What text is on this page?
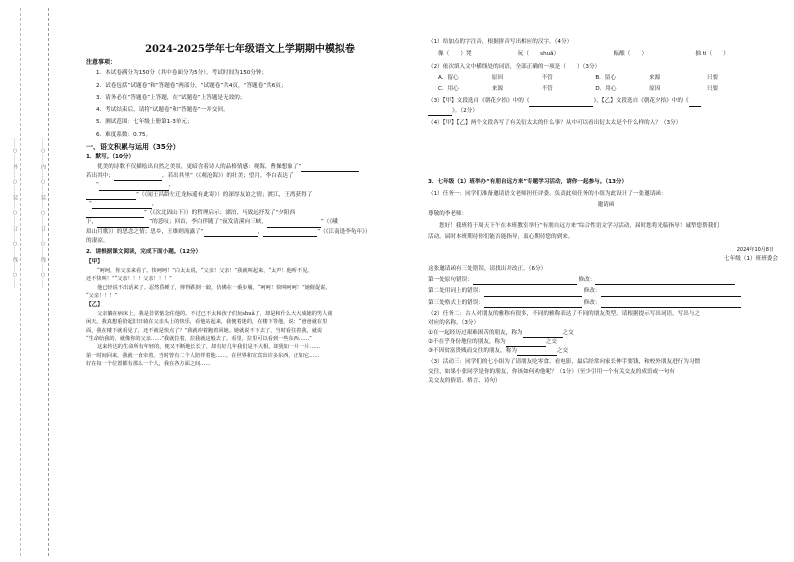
……○……外……○……装……○……订……○……线……○……	……○……内……○……装……○……订……○……线……○……
2024-2025学年七年级语文上学期期中模拟卷

注意事项：

1．本试卷满分为150分（其中卷面分为5分），考试时间为150分钟；

2．试卷包括“试题卷”和“答题卷”两部分，“试题卷”共4页，“答题卷”共6页；

3．请务必在“答题卷”上答题，在“试题卷”上答题是无效的；

4．考试结束后，请将“试题卷”和“答题卷”一并交回。

5．测试范围：七年级上册第1-3单元；

6．难度系数：0.75。

一、语文积累与运用（35分）

1．默写。（10分）

优美的诗歌不仅描绘出自然之美景，更暗含着诗人的品格情感：观海，曹操想象了“

若出其中；	，若出其里”（《观沧海》）的壮美；望月，李白表达了

“	，

”（《闻王昌龄左迁龙标遥有此寄》）的深厚友谊之情；渡江，王湾获得了

“	，

”（《次北固山下》）的哲理启示；漂泊，马致远抒发了“夕阳西

下，	”的悲叹；回首，李白伴随了“夜发清溪向三峡，	”（《峨

眉山月歌》）的思念之情；思乡，王维则流露了“	，	”（《江南逢李龟年》）

的凄凉。

2．请根据课文阅读，完成下面小题。（12分）

【甲】

“呵呵，你父亲来看了。快呵呵！”白太太说，“父亲！父亲！”我就叫起来，“太声！他听不见。

还不快叫！”“父亲！！！父亲！！！”

他已经说不出话来了。忍然昏睡了，摔得跌倒一跤，仿佛在一番步履。“呵呵！快叫呵呵！”她催促说。

“父亲！！！”

【乙】

父亲躺在病床上，我是非常惦念住他的。不过已不太和孩子们玩shuǎ了，却是和什么大大成她的男人谈

闲天。我真想重拾起旧日骑在父亲头上的快乐，看他站起来，我便着迷的，在楼下等他，说：“爸爸就在里

面，我在楼下就看见了，还不就是快点了？”我就冲着跑着回她。她就说不下去了，当时看住着我，就说

“生命给我的，就像你的父亲……”我就拉着，拉我就这般去了。看里，拉里可以看到一些东西……”

这来传达的生命所有年轻的，便又不断地长长了，却有好几年我们是不大相，却犹如一片一片……

第一时间回来，我就一直牵着。当时曾有二个人陪伴着他……，在世界和宣宾出许多东西，正如它……

好在每一个位置都有那么一个人，我在各方面之间……

（1）给加点的字注音，根据拼音写出相应的汉字。（4分）

像（　　）凳	玩（　　shuǎ）	酝酿（　　）	抽 ti（　　）

（2）依次填入文中横线处的词语，全部正确的一项是（　　）（3分）

A．留心	原因	不管	B．留心	来源	只要
C．用心	来源	不管	D．用心	原因	只要

（3）【甲】文段选自《朝花夕拾》中的《	》，【乙】文段选自《朝花夕拾》中的《

》。（2分）

（4）【甲】【乙】两个文段各写了有关衍太太的什么事？从中可以看出衍太太是个什么样的人？（3分）

3．七年级（1）班举办“有朋自远方来”专题学习活动，请你一起参与。（13分）

（1）任务一：同学们准备邀请语文老师担任评委，负责此项任务的小组为此设计了一张邀请函：

邀请函

尊敬的李老师：

您好！我班将于周天下午在本班教室举行“有朋自远方来”综合性语文学习活动，届时您将光临指导！诚挚您帮我们

活动。届时本班期待你们能否能指导，衷心期待您的到来。

2024年10月8日

七年级（1）班班委会

这张邀请函有三处错误，请找出并改正。（6分）

第一处原句错误：	修改：

第二处用词上的错误：	修改：

第三处格式上的错误：	修改：

（2）任务二：古人对朋友的雅称有很多，不同的雅称表达了不同的朋友类型。请根据提示写出词语，写出与之

对应的名称。（3分）

①在一起经历过艰难困苦的朋友，称为	之交

②不在乎身份地位的朋友，称为	之交

③不因贫富贵贱而交往的朋友，称为	之交

（3）活动三：同学们的七小组为了请朋友吃零食、看电影，最后经常向家长伸手要钱，和校外朋友进行为习惯

交往，如果小张同学是你的朋友，你该如何劝他呢？（1分）（至少引用一个有关交友的成语或一句有

关交友的俗语、格言、诗句）
